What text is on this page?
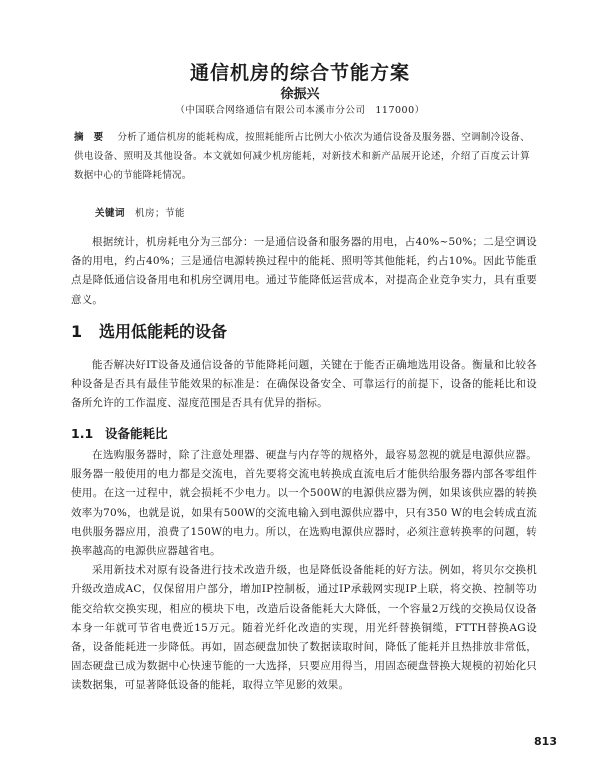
通信机房的综合节能方案
徐振兴
（中国联合网络通信有限公司本溪市分公司　117000）
摘　要 分析了通信机房的能耗构成，按照耗能所占比例大小依次为通信设备及服务器、空调制冷设备、供电设备、照明及其他设备。本文就如何减少机房能耗，对新技术和新产品展开论述，介绍了百度云计算数据中心的节能降耗情况。
关键词 机房；节能

根据统计，机房耗电分为三部分：一是通信设备和服务器的用电，占40%~50%；二是空调设备的用电，约占40%；三是通信电源转换过程中的能耗、照明等其他能耗，约占10%。因此节能重点是降低通信设备用电和机房空调用电。通过节能降低运营成本，对提高企业竞争实力，具有重要意义。

1 选用低能耗的设备

能否解决好IT设备及通信设备的节能降耗问题，关键在于能否正确地选用设备。衡量和比较各种设备是否具有最佳节能效果的标准是：在确保设备安全、可靠运行的前提下，设备的能耗比和设备所允许的工作温度、湿度范围是否具有优异的指标。

1.1 设备能耗比

在选购服务器时，除了注意处理器、硬盘与内存等的规格外，最容易忽视的就是电源供应器。服务器一般使用的电力都是交流电，首先要将交流电转换成直流电后才能供给服务器内部各零组件使用。在这一过程中，就会损耗不少电力。以一个500W的电源供应器为例，如果该供应器的转换效率为70%，也就是说，如果有500W的交流电输入到电源供应器中，只有350 W的电会转成直流电供服务器应用，浪费了150W的电力。所以，在选购电源供应器时，必须注意转换率的问题，转换率越高的电源供应器越省电。

采用新技术对原有设备进行技术改造升级，也是降低设备能耗的好方法。例如，将贝尔交换机升级改造成AC，仅保留用户部分，增加IP控制板，通过IP承载网实现IP上联，将交换、控制等功能交给软交换实现，相应的模块下电，改造后设备能耗大大降低，一个容量2万线的交换局仅设备本身一年就可节省电费近15万元。随着光纤化改造的实现，用光纤替换铜缆，FTTH替换AG设备，设备能耗进一步降低。再如，固态硬盘加快了数据读取时间，降低了能耗并且热排放非常低，固态硬盘已成为数据中心快速节能的一大选择，只要应用得当，用固态硬盘替换大规模的初始化只读数据集，可显著降低设备的能耗，取得立竿见影的效果。

813
